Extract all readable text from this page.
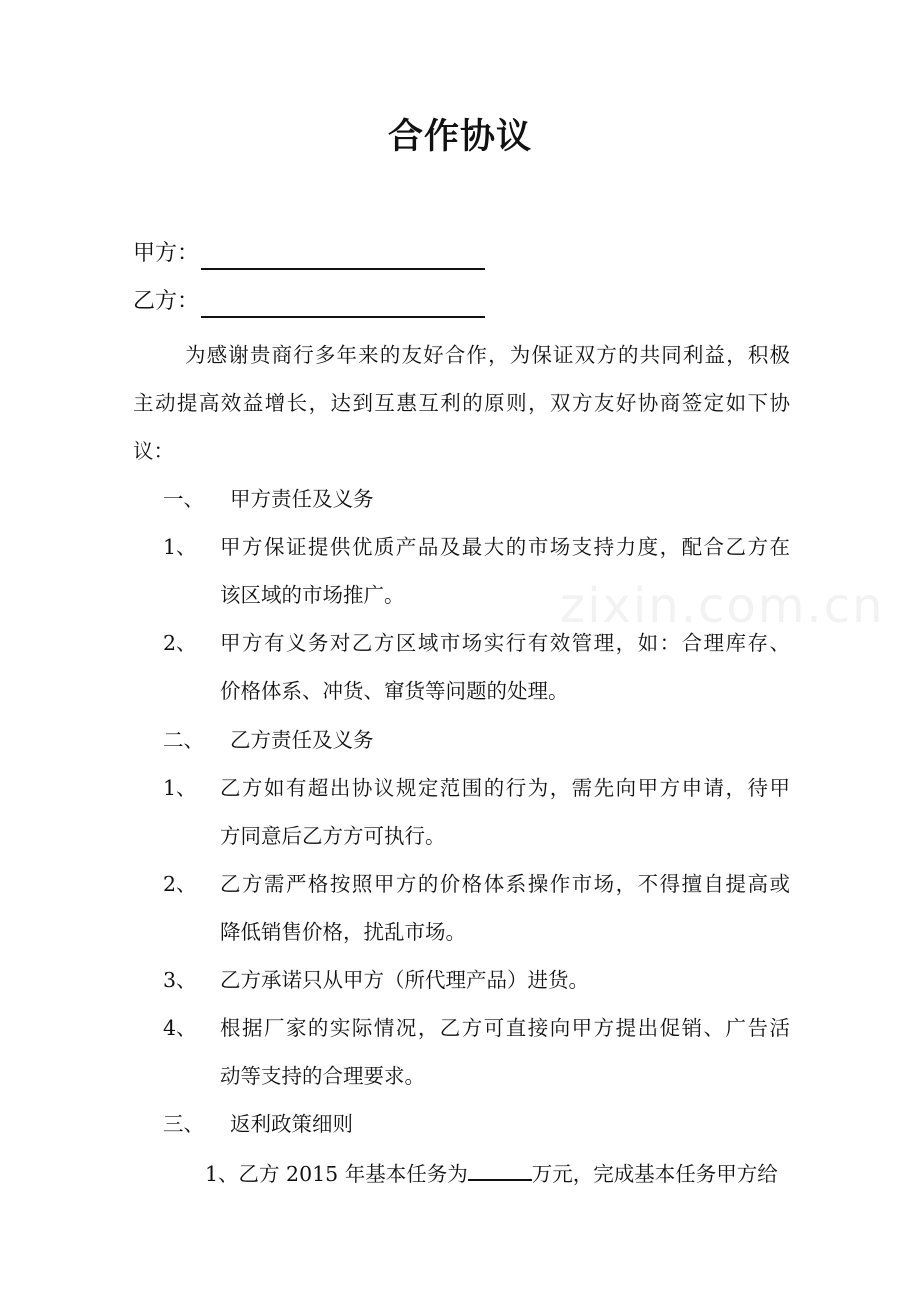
zixin.com.cn
合作协议
甲方：
乙方：
为感谢贵商行多年来的友好合作，为保证双方的共同利益，积极
主动提高效益增长，达到互惠互利的原则，双方友好协商签定如下协
议：
一、 甲方责任及义务
1、 甲方保证提供优质产品及最大的市场支持力度，配合乙方在
该区域的市场推广。
2、 甲方有义务对乙方区域市场实行有效管理，如：合理库存、
价格体系、冲货、窜货等问题的处理。
二、 乙方责任及义务
1、 乙方如有超出协议规定范围的行为，需先向甲方申请，待甲
方同意后乙方方可执行。
2、 乙方需严格按照甲方的价格体系操作市场，不得擅自提高或
降低销售价格，扰乱市场。
3、 乙方承诺只从甲方（所代理产品）进货。
4、 根据厂家的实际情况，乙方可直接向甲方提出促销、广告活
动等支持的合理要求。
三、 返利政策细则
1、乙方 2015 年基本任务为	万元，完成基本任务甲方给
